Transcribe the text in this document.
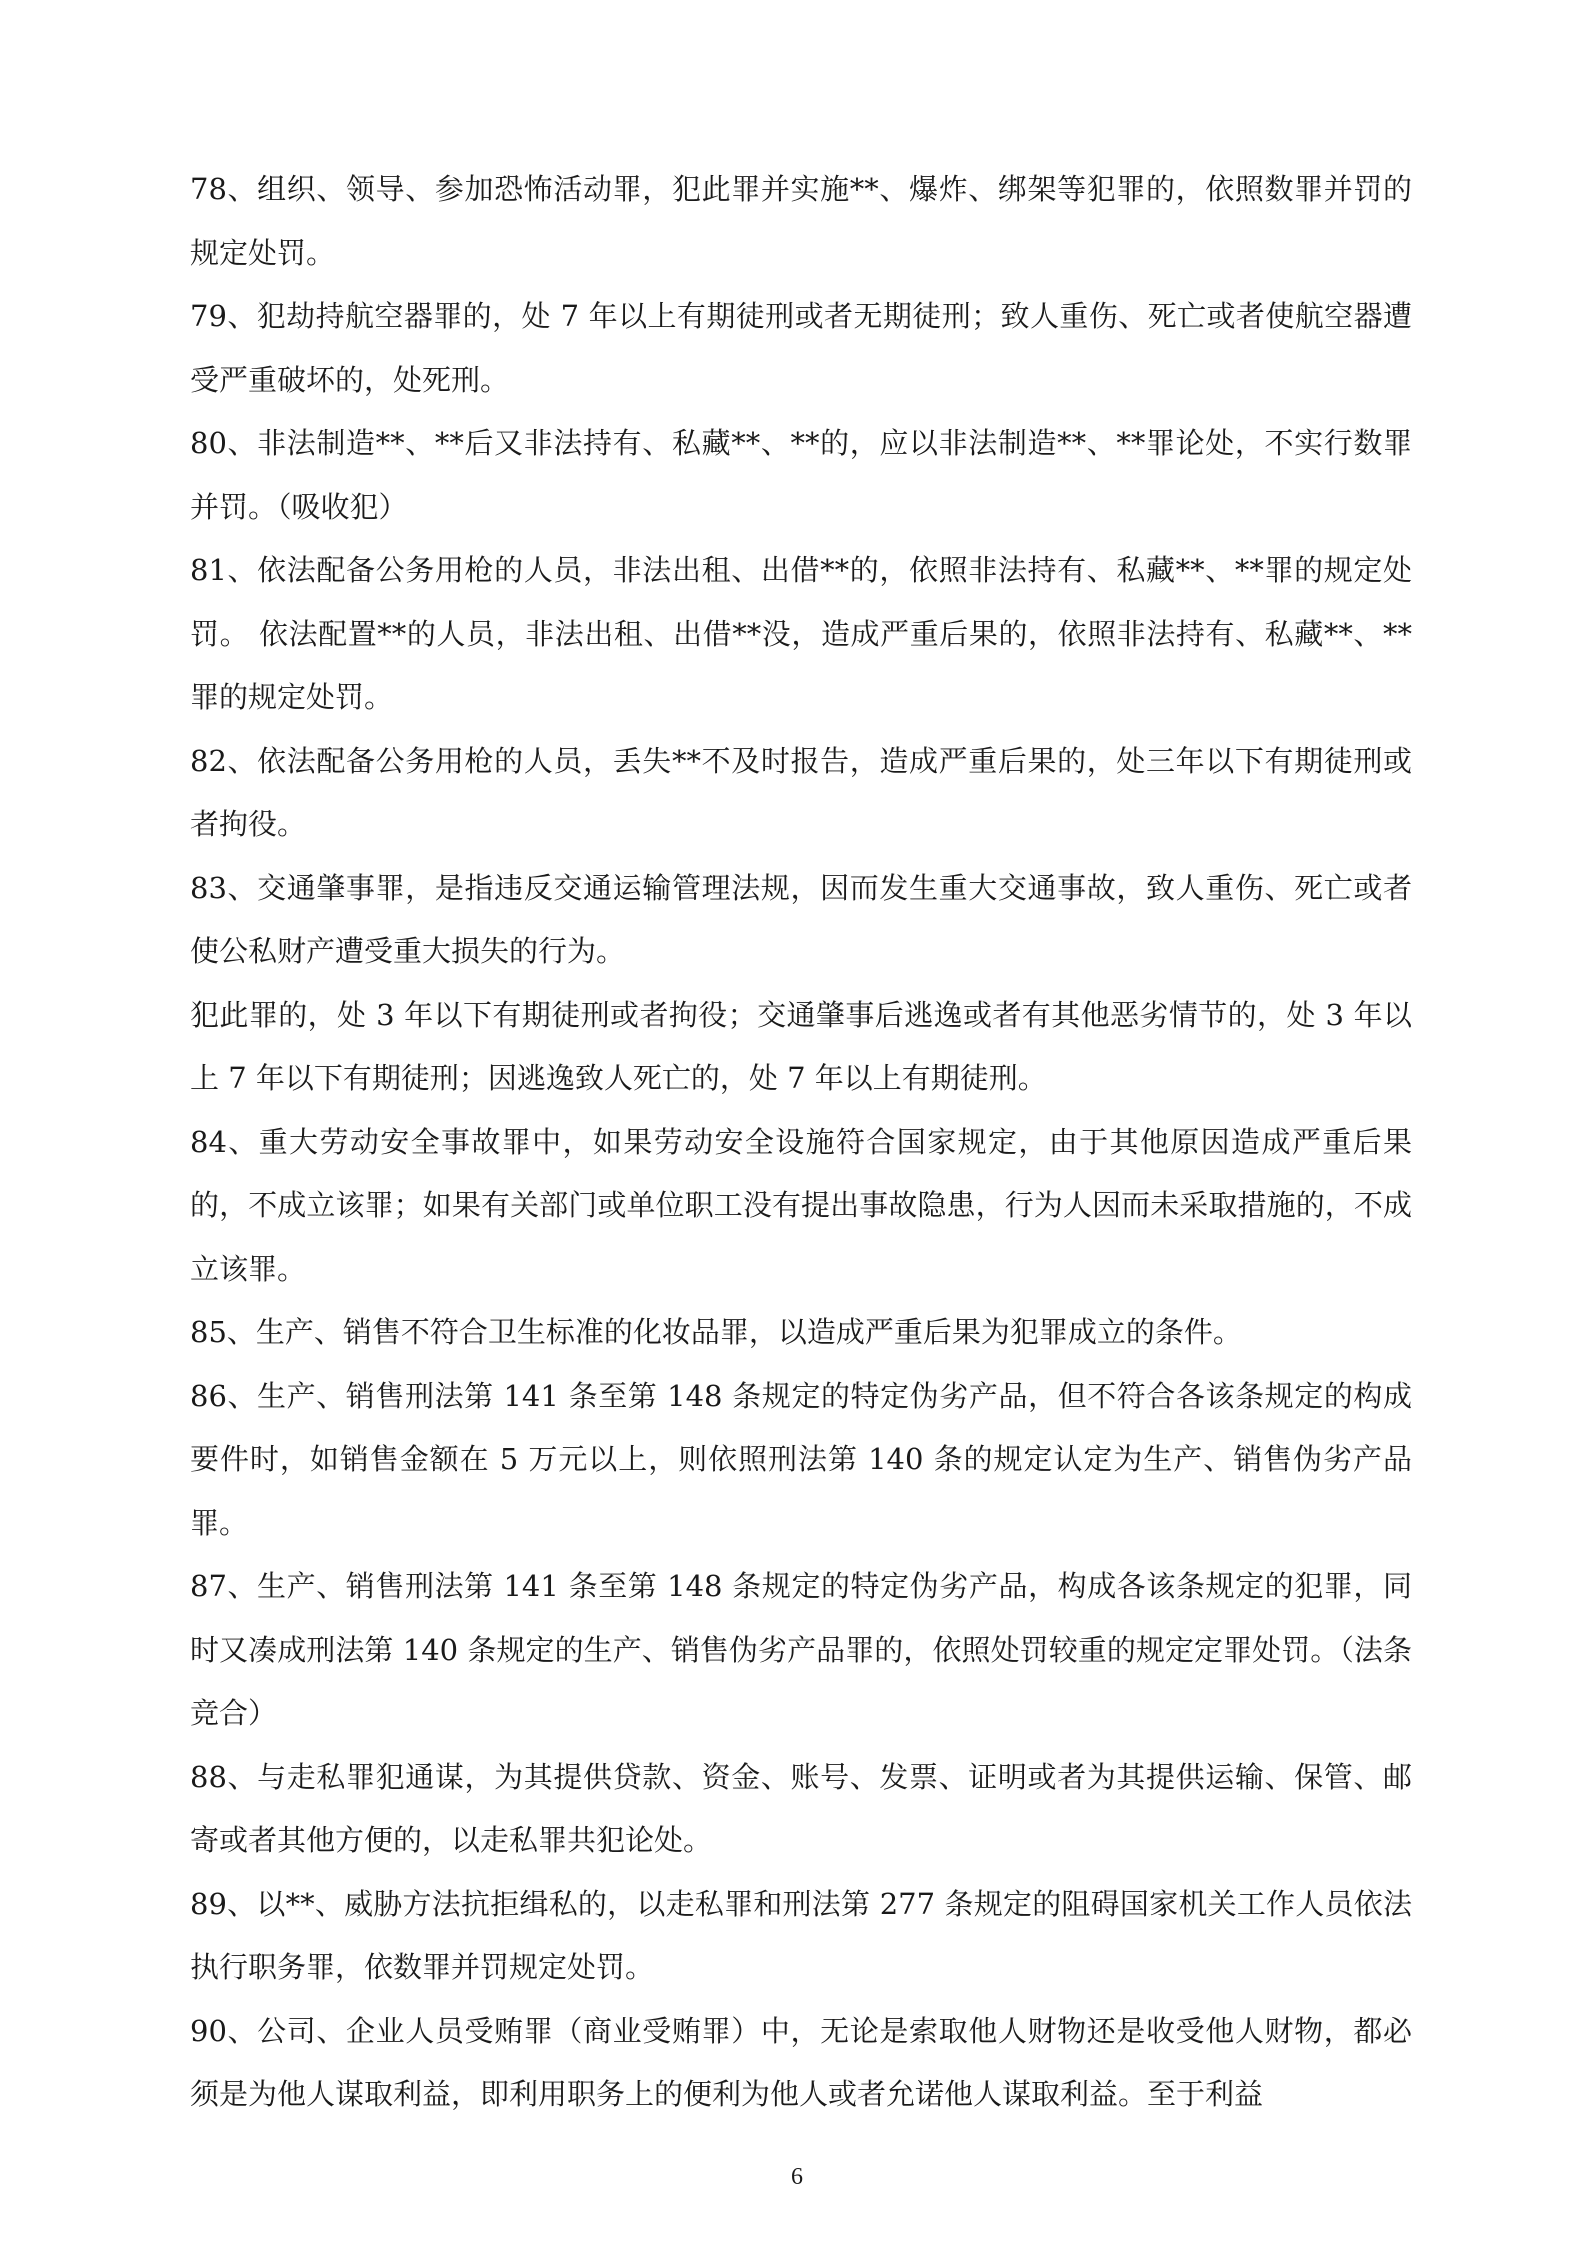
78、组织、领导、参加恐怖活动罪，犯此罪并实施**、爆炸、绑架等犯罪的，依照数罪并罚的规定处罚。

79、犯劫持航空器罪的，处 7 年以上有期徒刑或者无期徒刑；致人重伤、死亡或者使航空器遭受严重破坏的，处死刑。

80、非法制造**、**后又非法持有、私藏**、**的，应以非法制造**、**罪论处，不实行数罪并罚。（吸收犯）

81、依法配备公务用枪的人员，非法出租、出借**的，依照非法持有、私藏**、**罪的规定处罚。 依法配置**的人员，非法出租、出借**没，造成严重后果的，依照非法持有、私藏**、**罪的规定处罚。

82、依法配备公务用枪的人员，丢失**不及时报告，造成严重后果的，处三年以下有期徒刑或者拘役。

83、交通肇事罪，是指违反交通运输管理法规，因而发生重大交通事故，致人重伤、死亡或者使公私财产遭受重大损失的行为。

犯此罪的，处 3 年以下有期徒刑或者拘役；交通肇事后逃逸或者有其他恶劣情节的，处 3 年以上 7 年以下有期徒刑；因逃逸致人死亡的，处 7 年以上有期徒刑。

84、重大劳动安全事故罪中，如果劳动安全设施符合国家规定，由于其他原因造成严重后果的，不成立该罪；如果有关部门或单位职工没有提出事故隐患，行为人因而未采取措施的，不成立该罪。

85、生产、销售不符合卫生标准的化妆品罪，以造成严重后果为犯罪成立的条件。

86、生产、销售刑法第 141 条至第 148 条规定的特定伪劣产品，但不符合各该条规定的构成要件时，如销售金额在 5 万元以上，则依照刑法第 140 条的规定认定为生产、销售伪劣产品罪。

87、生产、销售刑法第 141 条至第 148 条规定的特定伪劣产品，构成各该条规定的犯罪，同时又凑成刑法第 140 条规定的生产、销售伪劣产品罪的，依照处罚较重的规定定罪处罚。（法条竞合）

88、与走私罪犯通谋，为其提供贷款、资金、账号、发票、证明或者为其提供运输、保管、邮寄或者其他方便的，以走私罪共犯论处。

89、以**、威胁方法抗拒缉私的，以走私罪和刑法第 277 条规定的阻碍国家机关工作人员依法执行职务罪，依数罪并罚规定处罚。

90、公司、企业人员受贿罪（商业受贿罪）中，无论是索取他人财物还是收受他人财物，都必须是为他人谋取利益，即利用职务上的便利为他人或者允诺他人谋取利益。至于利益

6
